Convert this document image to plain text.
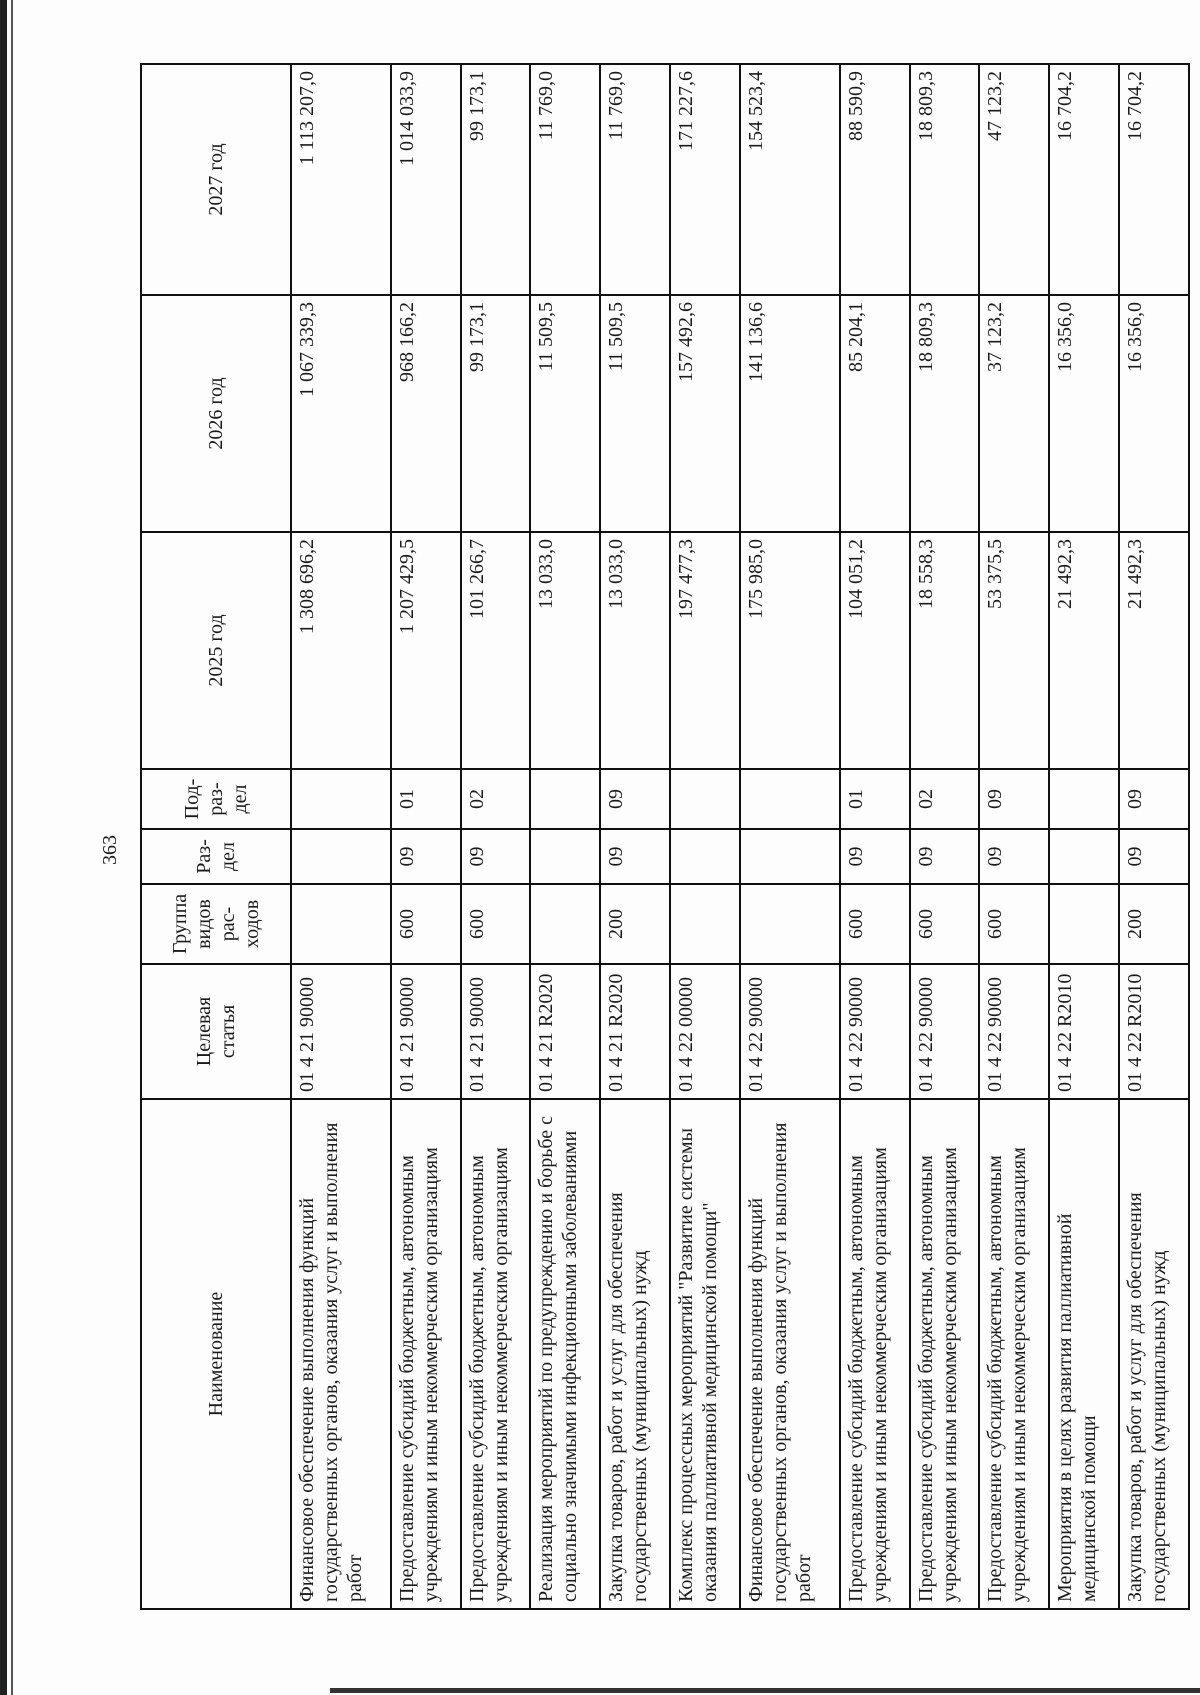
363
Наименование	Целевая статья	Группа видов рас-ходов	Раз-дел	Под-раз-дел	2025 год	2026 год	2027 год
Финансовое обеспечение выполнения функций государственных органов, оказания услуг и выполнения работ	01 4 21 90000				1 308 696,2	1 067 339,3	1 113 207,0
Предоставление субсидий бюджетным, автономным учреждениям и иным некоммерческим организациям	01 4 21 90000	600	09	01	1 207 429,5	968 166,2	1 014 033,9
Предоставление субсидий бюджетным, автономным учреждениям и иным некоммерческим организациям	01 4 21 90000	600	09	02	101 266,7	99 173,1	99 173,1
Реализация мероприятий по предупреждению и борьбе с социально значимыми инфекционными заболеваниями	01 4 21 R2020				13 033,0	11 509,5	11 769,0
Закупка товаров, работ и услуг для обеспечения государственных (муниципальных) нужд	01 4 21 R2020	200	09	09	13 033,0	11 509,5	11 769,0
Комплекс процессных мероприятий "Развитие системы оказания паллиативной медицинской помощи"	01 4 22 00000				197 477,3	157 492,6	171 227,6
Финансовое обеспечение выполнения функций государственных органов, оказания услуг и выполнения работ	01 4 22 90000				175 985,0	141 136,6	154 523,4
Предоставление субсидий бюджетным, автономным учреждениям и иным некоммерческим организациям	01 4 22 90000	600	09	01	104 051,2	85 204,1	88 590,9
Предоставление субсидий бюджетным, автономным учреждениям и иным некоммерческим организациям	01 4 22 90000	600	09	02	18 558,3	18 809,3	18 809,3
Предоставление субсидий бюджетным, автономным учреждениям и иным некоммерческим организациям	01 4 22 90000	600	09	09	53 375,5	37 123,2	47 123,2
Мероприятия в целях развития паллиативной медицинской помощи	01 4 22 R2010				21 492,3	16 356,0	16 704,2
Закупка товаров, работ и услуг для обеспечения государственных (муниципальных) нужд	01 4 22 R2010	200	09	09	21 492,3	16 356,0	16 704,2
